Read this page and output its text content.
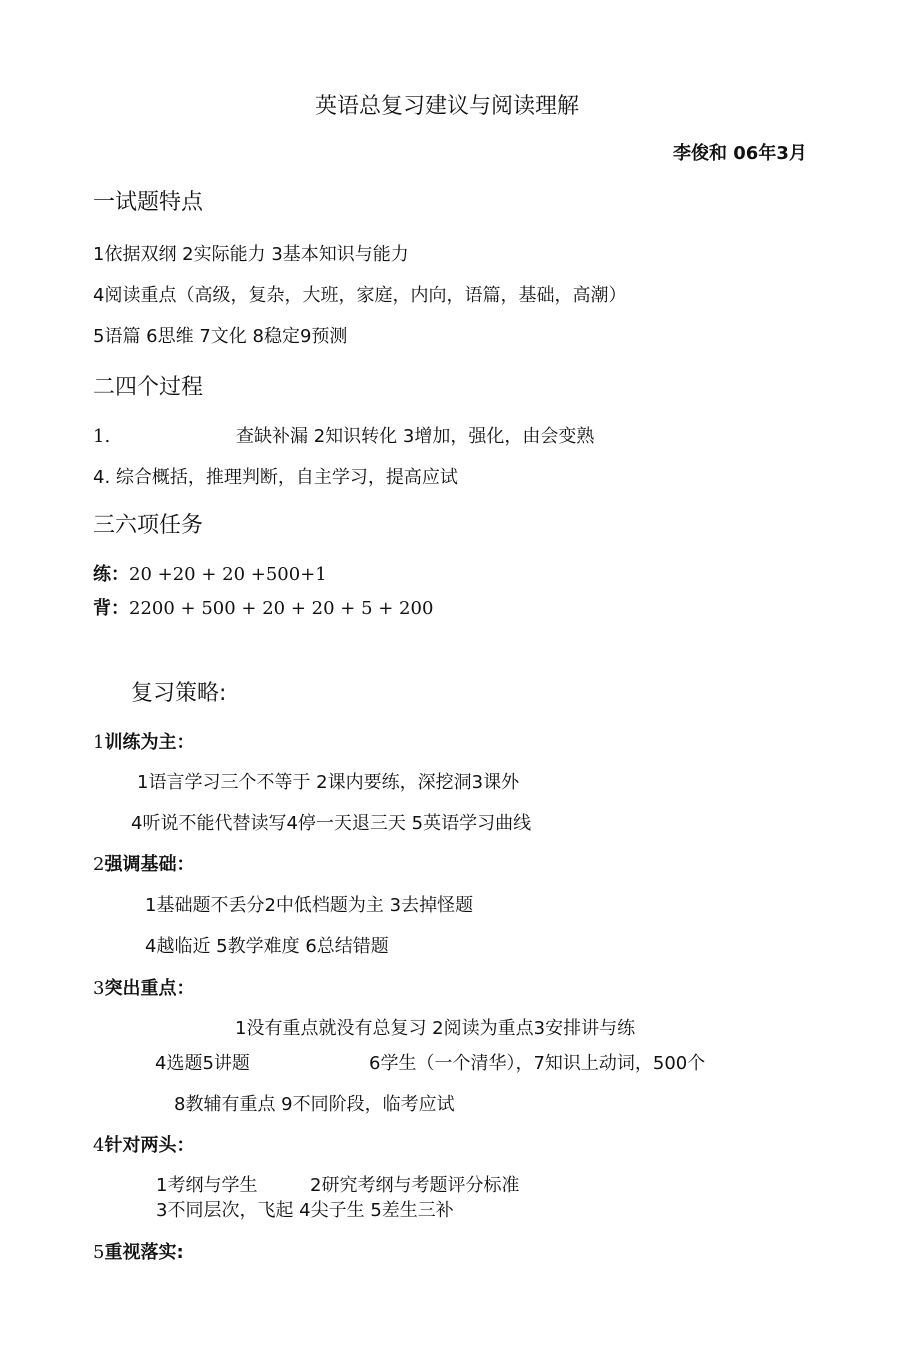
英语总复习建议与阅读理解
李俊和 06年3月
一试题特点
1依据双纲 2实际能力 3基本知识与能力
4阅读重点（高级，复杂，大班，家庭，内向，语篇，基础，高潮）
5语篇 6思维 7文化 8稳定9预测
二四个过程
1.	查缺补漏 2知识转化 3增加，强化，由会变熟
4. 综合概括，推理判断，自主学习，提高应试
三六项任务
练：20 +20 + 20 +500+1
背：2200 + 500 + 20 + 20 + 5 + 200
复习策略:
1训练为主：
1语言学习三个不等于 2课内要练，深挖洞3课外
4听说不能代替读写4停一天退三天 5英语学习曲线
2强调基础：
1基础题不丢分2中低档题为主 3去掉怪题
4越临近 5教学难度 6总结错题
3突出重点：
1没有重点就没有总复习 2阅读为重点3安排讲与练
4选题5讲题	6学生（一个清华），7知识上动词，500个
8教辅有重点 9不同阶段，临考应试
4针对两头：
1考纲与学生	2研究考纲与考题评分标准
3不同层次，飞起 4尖子生 5差生三补
5重视落实:
